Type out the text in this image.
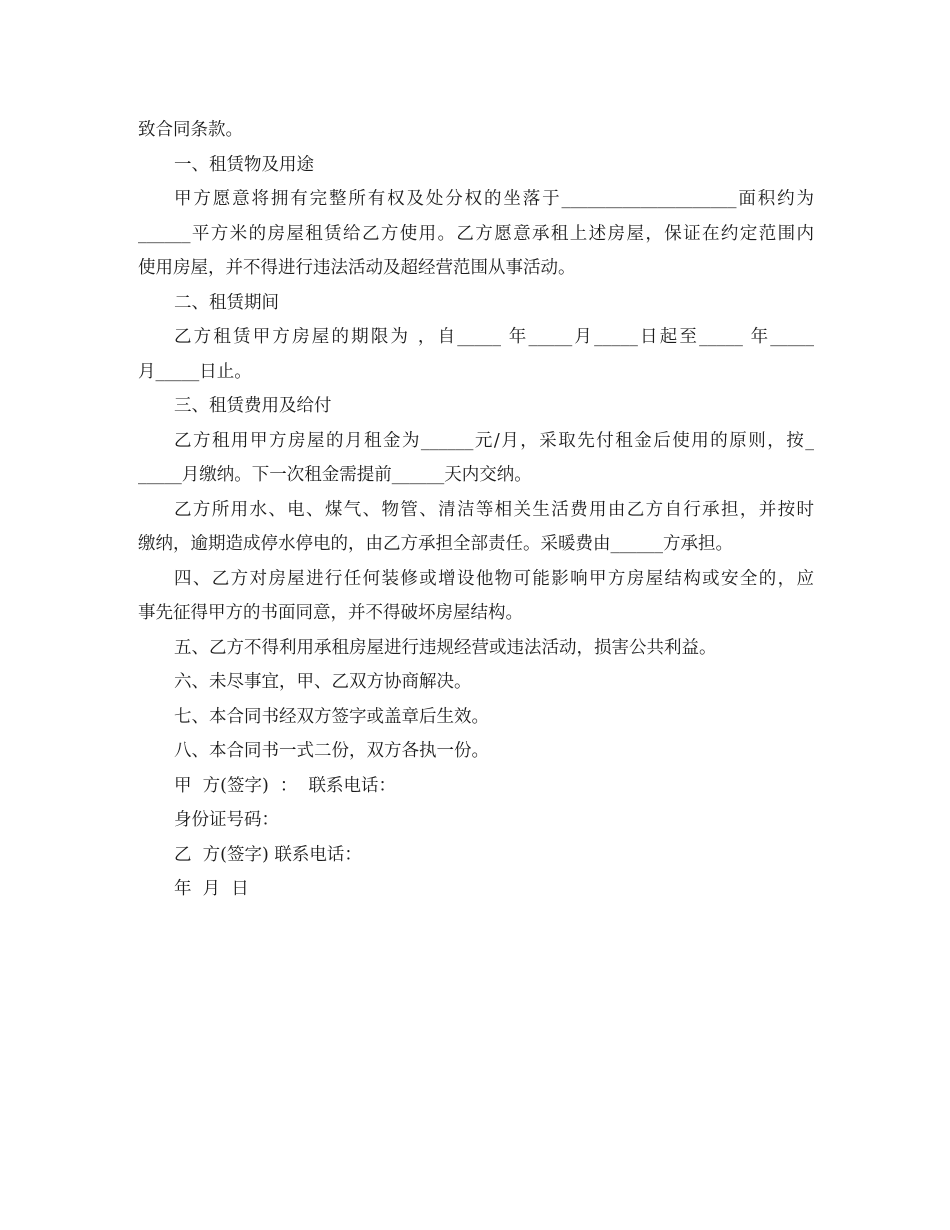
致合同条款。
一、租赁物及用途
甲方愿意将拥有完整所有权及处分权的坐落于____________________面积约为
______平方米的房屋租赁给乙方使用。乙方愿意承租上述房屋，保证在约定范围内
使用房屋，并不得进行违法活动及超经营范围从事活动。
二、租赁期间
乙方租赁甲方房屋的期限为 ，自_____ 年_____月_____日起至_____ 年_____
月_____日止。
三、租赁费用及给付
乙方租用甲方房屋的月租金为______元/月，采取先付租金后使用的原则，按_
_____月缴纳。下一次租金需提前______天内交纳。
乙方所用水、电、煤气、物管、清洁等相关生活费用由乙方自行承担，并按时
缴纳，逾期造成停水停电的，由乙方承担全部责任。采暖费由______方承担。
四、乙方对房屋进行任何装修或增设他物可能影响甲方房屋结构或安全的，应
事先征得甲方的书面同意，并不得破坏房屋结构。
五、乙方不得利用承租房屋进行违规经营或违法活动，损害公共利益。
六、未尽事宜，甲、乙双方协商解决。
七、本合同书经双方签字或盖章后生效。
八、本合同书一式二份，双方各执一份。
甲  方(签字)  ：  联系电话：
身份证号码：
乙  方(签字) 联系电话：
年  月  日
